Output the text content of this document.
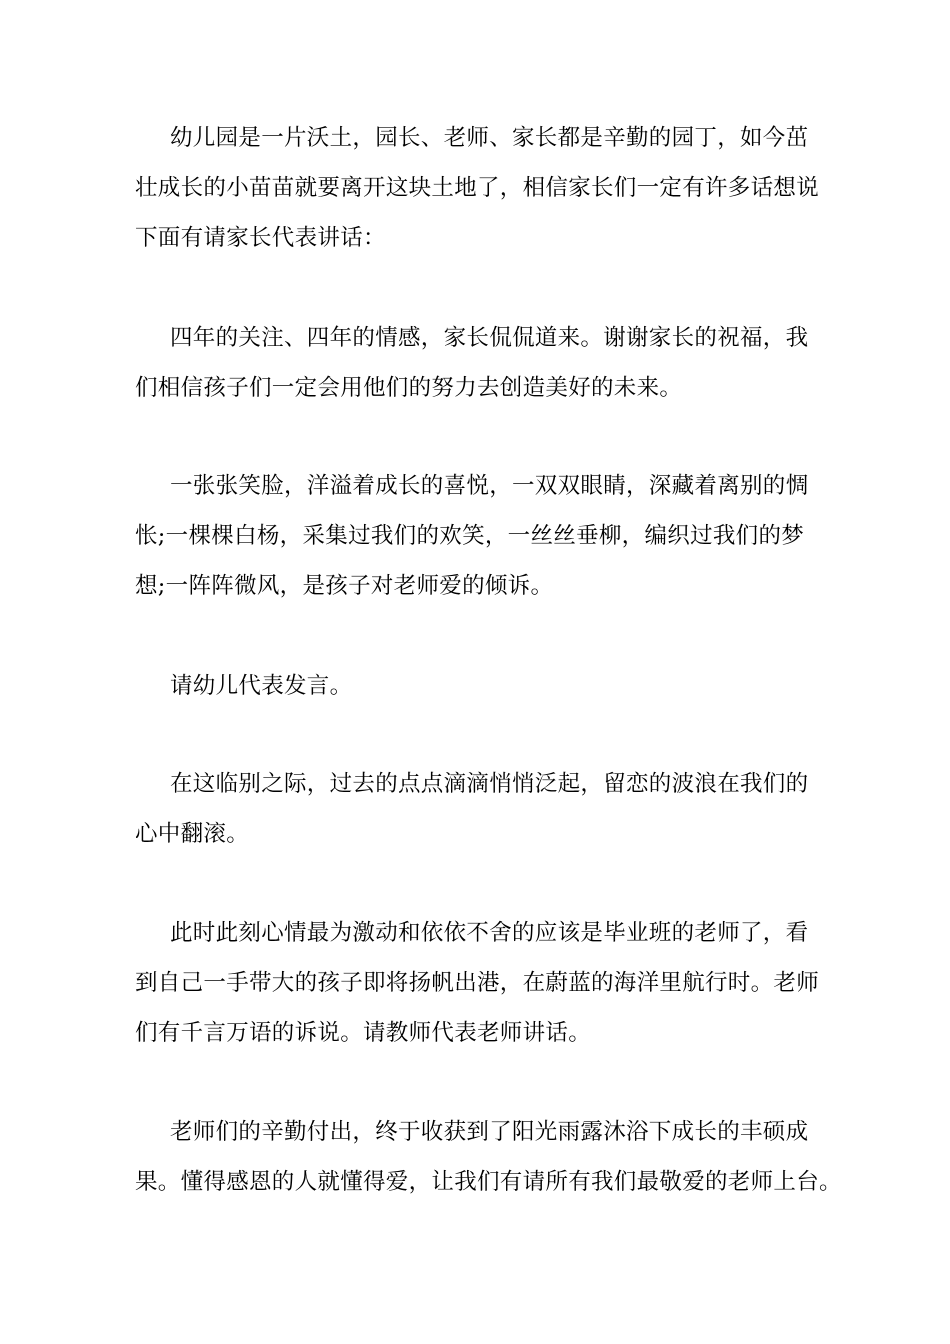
幼儿园是一片沃土，园长、老师、家长都是辛勤的园丁，如今茁
壮成长的小苗苗就要离开这块土地了，相信家长们一定有许多话想说
下面有请家长代表讲话：
四年的关注、四年的情感，家长侃侃道来。谢谢家长的祝福，我
们相信孩子们一定会用他们的努力去创造美好的未来。
一张张笑脸，洋溢着成长的喜悦，一双双眼睛，深藏着离别的惆
怅;一棵棵白杨，采集过我们的欢笑，一丝丝垂柳，编织过我们的梦
想;一阵阵微风，是孩子对老师爱的倾诉。
请幼儿代表发言。
在这临别之际，过去的点点滴滴悄悄泛起，留恋的波浪在我们的
心中翻滚。
此时此刻心情最为激动和依依不舍的应该是毕业班的老师了，看
到自己一手带大的孩子即将扬帆出港，在蔚蓝的海洋里航行时。老师
们有千言万语的诉说。请教师代表老师讲话。
老师们的辛勤付出，终于收获到了阳光雨露沐浴下成长的丰硕成
果。懂得感恩的人就懂得爱，让我们有请所有我们最敬爱的老师上台。
